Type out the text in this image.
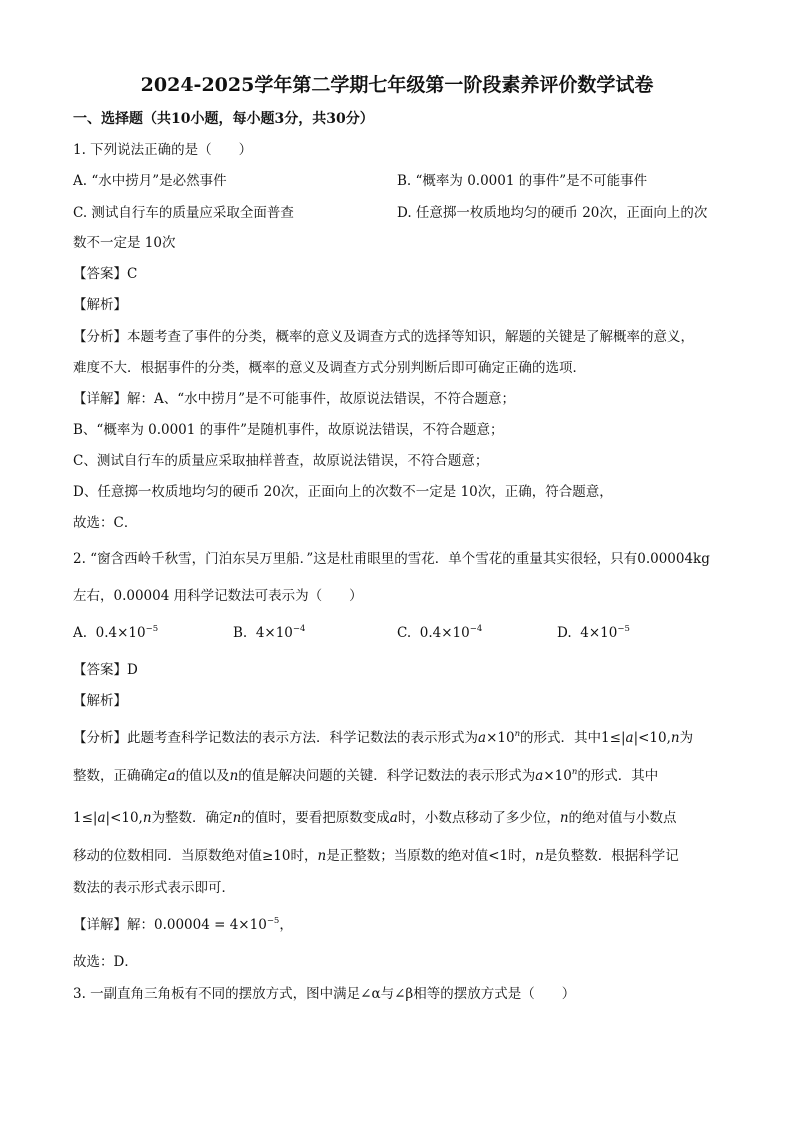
2024-2025学年第二学期七年级第一阶段素养评价数学试卷
一、选择题（共10小题，每小题3分，共30分）
1. 下列说法正确的是（　　）
A. “水中捞月”是必然事件	B. “概率为 0.0001 的事件”是不可能事件
C. 测试自行车的质量应采取全面普查	D. 任意掷一枚质地均匀的硬币 20次，正面向上的次
数不一定是 10次
【答案】C
【解析】
【分析】本题考查了事件的分类，概率的意义及调查方式的选择等知识，解题的关键是了解概率的意义，
难度不大．根据事件的分类，概率的意义及调查方式分别判断后即可确定正确的选项．
【详解】解：A、“水中捞月”是不可能事件，故原说法错误，不符合题意；
B、“概率为 0.0001 的事件”是随机事件，故原说法错误，不符合题意；
C、测试自行车的质量应采取抽样普查，故原说法错误，不符合题意；
D、任意掷一枚质地均匀的硬币 20次，正面向上的次数不一定是 10次，正确，符合题意，
故选：C．
2. “窗含西岭千秋雪，门泊东吴万里船．”这是杜甫眼里的雪花．单个雪花的重量其实很轻，只有0.00004kg
左右，0.00004 用科学记数法可表示为（　　）
A. $0.4\times 10^{-5}$	B. $4\times 10^{-4}$	C. $0.4\times 10^{-4}$	D. $4\times 10^{-5}$
【答案】D
【解析】
【分析】此题考查科学记数法的表示方法．科学记数法的表示形式为$a\times 10^n$的形式．其中1≤|a|<10,n为
整数，正确确定a的值以及n的值是解决问题的关键．科学记数法的表示形式为$a\times 10^n$的形式．其中
1≤|a|<10,n为整数．确定n的值时，要看把原数变成a时，小数点移动了多少位，n的绝对值与小数点
移动的位数相同．当原数绝对值≥10时，n是正整数；当原数的绝对值<1时，n是负整数．根据科学记
数法的表示形式表示即可．
【详解】解：$0.00004 = 4\times 10^{-5}$，
故选：D．
3. 一副直角三角板有不同的摆放方式，图中满足∠α与∠β相等的摆放方式是（　　）
